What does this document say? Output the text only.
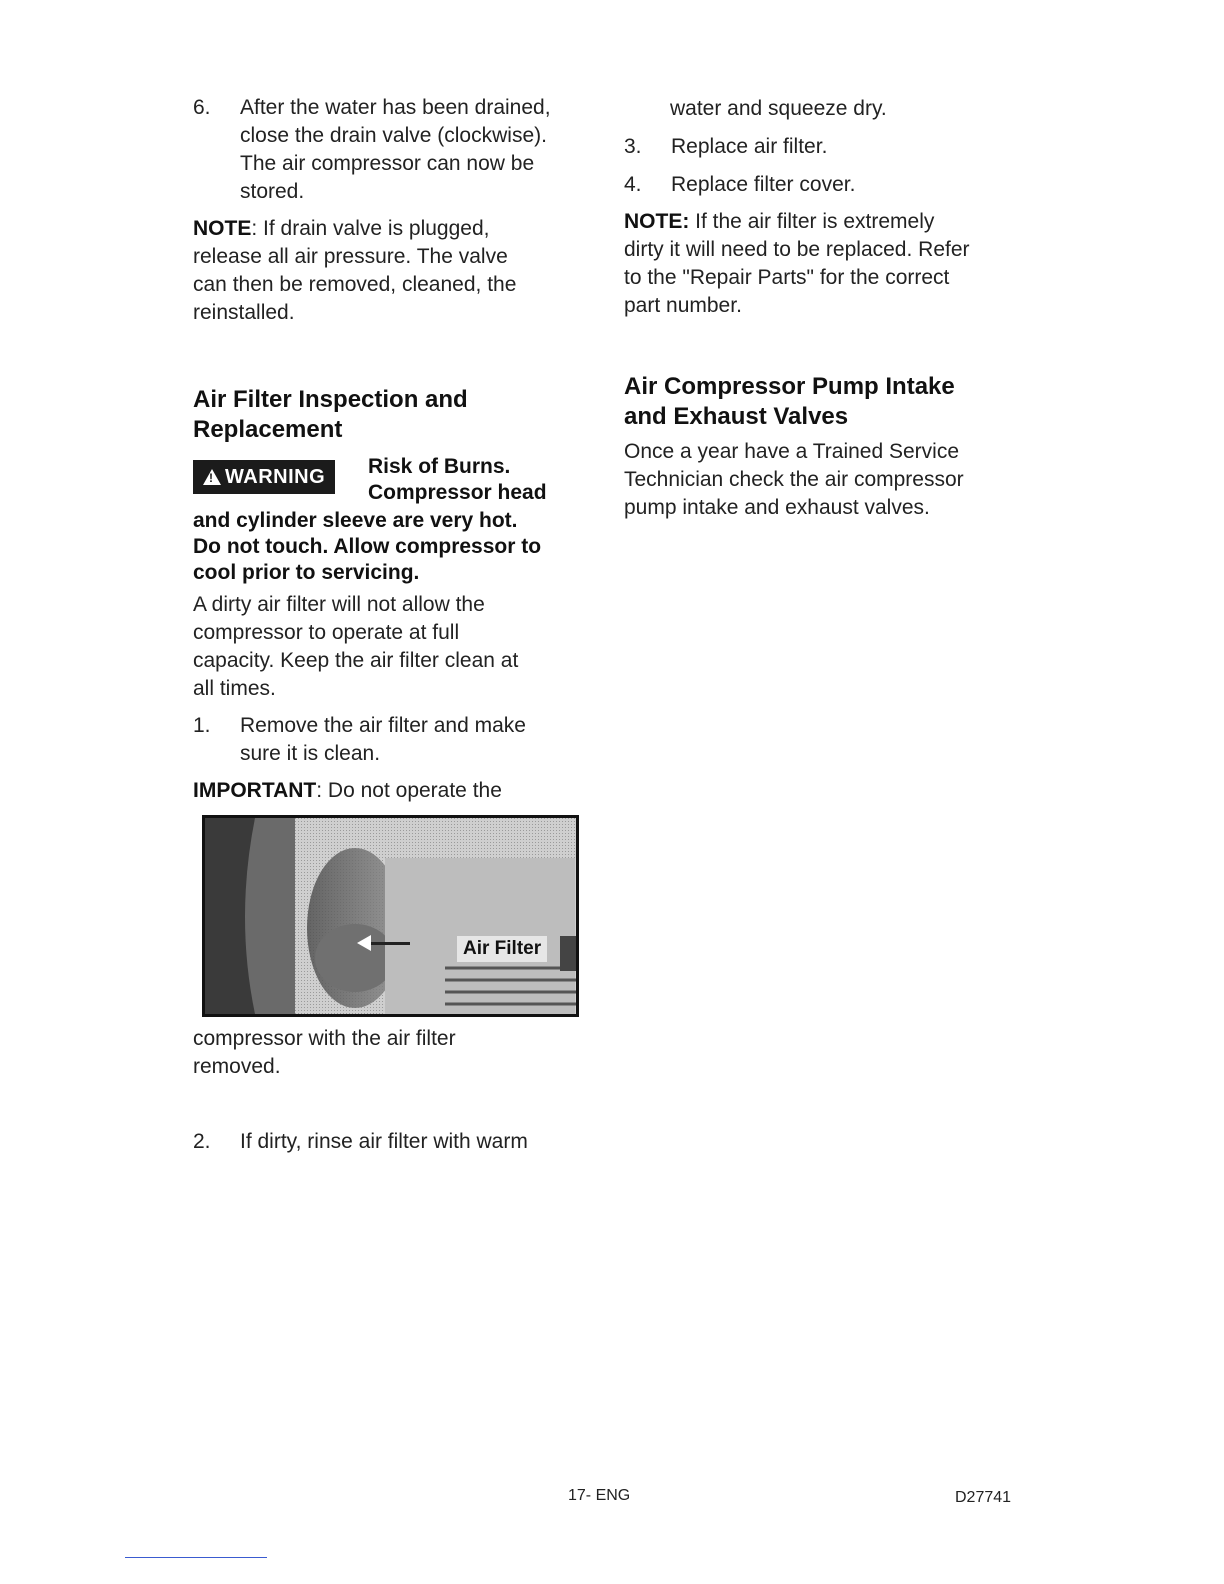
6. After the water has been drained,
close the drain valve (clockwise).
The air compressor can now be
stored.
NOTE: If drain valve is plugged,
release all air pressure. The valve
can then be removed, cleaned, the
reinstalled.
Air Filter Inspection and
Replacement
!
WARNING Risk of Burns.
Compressor head
and cylinder sleeve are very hot.
Do not touch. Allow compressor to
cool prior to servicing.
A dirty air filter will not allow the
compressor to operate at full
capacity. Keep the air filter clean at
all times.
1. Remove the air filter and make
sure it is clean.
IMPORTANT: Do not operate the
Air Filter
compressor with the air filter
removed.
2. If dirty, rinse air filter with warm
water and squeeze dry.
3. Replace air filter.
4. Replace filter cover.
NOTE: If the air filter is extremely
dirty it will need to be replaced. Refer
to the "Repair Parts" for the correct
part number.
Air Compressor Pump Intake
and Exhaust Valves
Once a year have a Trained Service
Technician check the air compressor
pump intake and exhaust valves.
17- ENG	D27741
